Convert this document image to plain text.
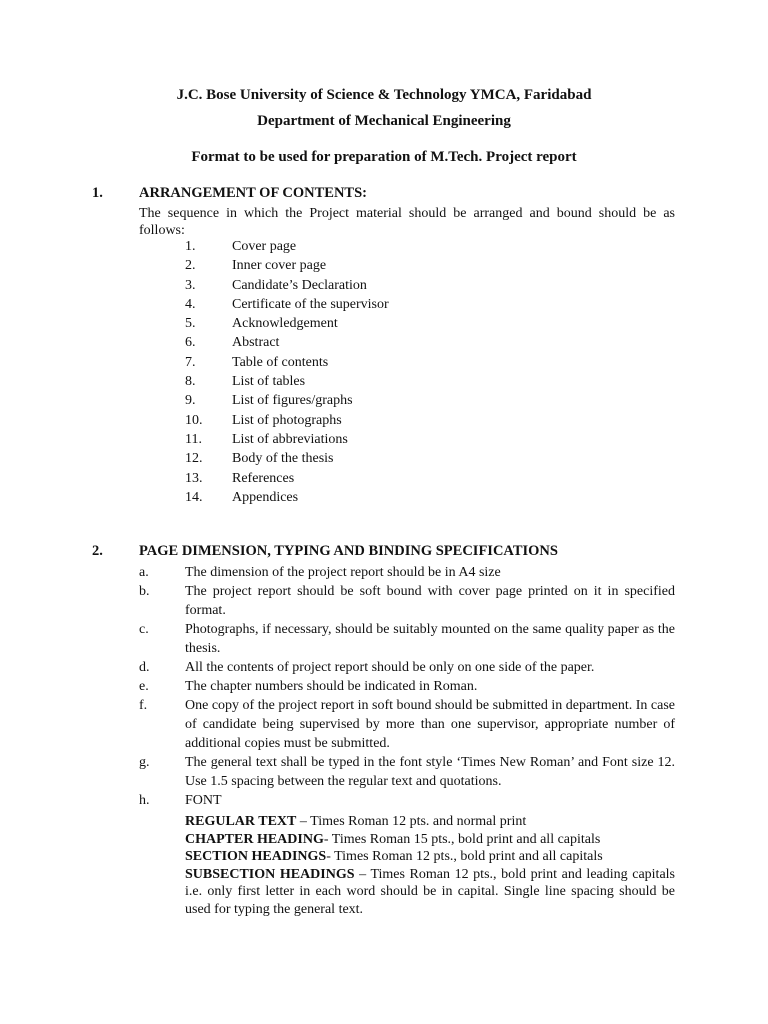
J.C. Bose University of Science & Technology YMCA, Faridabad
Department of Mechanical Engineering
Format to be used for preparation of M.Tech. Project report
1. ARRANGEMENT OF CONTENTS:
The sequence in which the Project material should be arranged and bound should be as follows:
1.	Cover page
2.	Inner cover page
3.	Candidate’s Declaration
4.	Certificate of the supervisor
5.	Acknowledgement
6.	Abstract
7.	Table of contents
8.	List of tables
9.	List of figures/graphs
10.	List of photographs
11.	List of abbreviations
12.	Body of the thesis
13.	References
14.	Appendices
2. PAGE DIMENSION, TYPING AND BINDING SPECIFICATIONS
a.	The dimension of the project report should be in A4 size
b.	The project report should be soft bound with cover page printed on it in specified format.
c.	Photographs, if necessary, should be suitably mounted on the same quality paper as the thesis.
d.	All the contents of project report should be only on one side of the paper.
e.	The chapter numbers should be indicated in Roman.
f.	One copy of the project report in soft bound should be submitted in department. In case of candidate being supervised by more than one supervisor, appropriate number of additional copies must be submitted.
g.	The general text shall be typed in the font style ‘Times New Roman’ and Font size 12. Use 1.5 spacing between the regular text and quotations.
h.	FONT
REGULAR TEXT – Times Roman 12 pts. and normal print
CHAPTER HEADING- Times Roman 15 pts., bold print and all capitals
SECTION HEADINGS- Times Roman 12 pts., bold print and all capitals
SUBSECTION HEADINGS – Times Roman 12 pts., bold print and leading capitals i.e. only first letter in each word should be in capital. Single line spacing should be used for typing the general text.
